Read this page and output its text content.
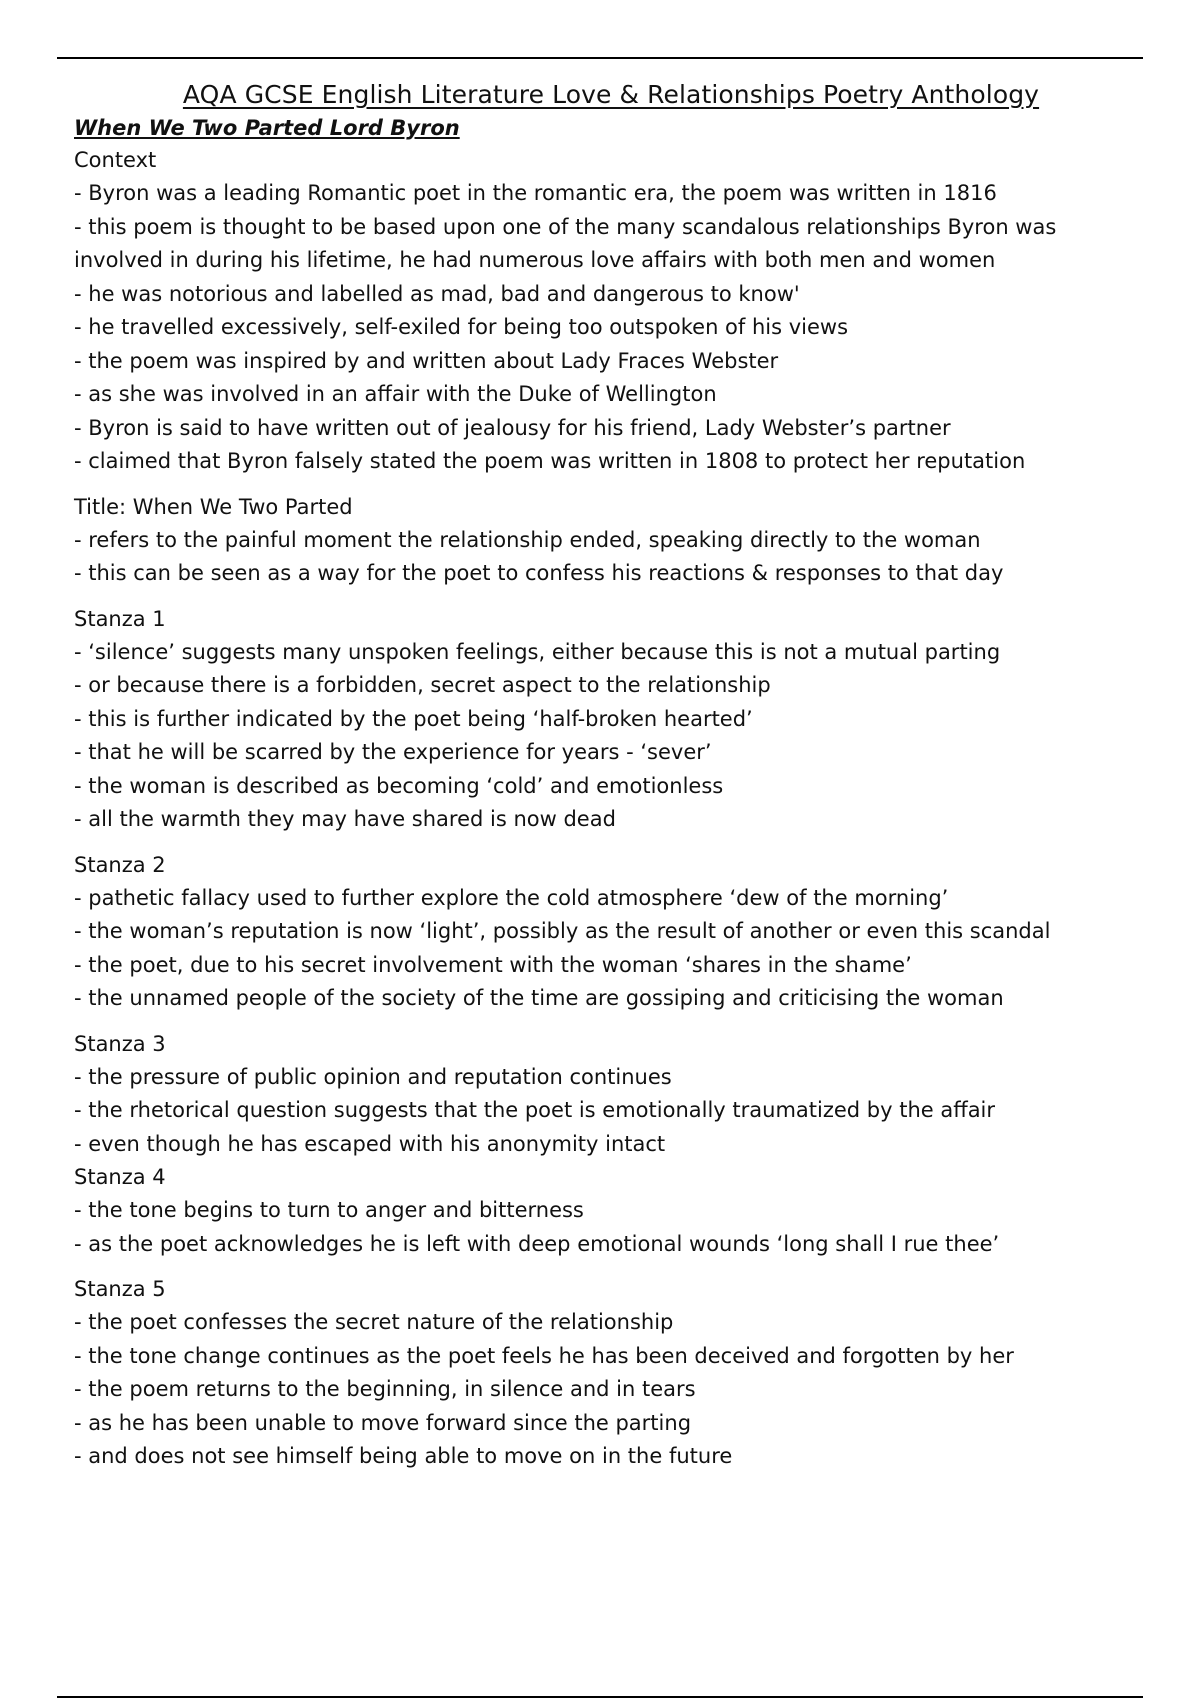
AQA GCSE English Literature Love & Relationships Poetry Anthology
When We Two Parted Lord Byron
Context
- Byron was a leading Romantic poet in the romantic era, the poem was written in 1816
- this poem is thought to be based upon one of the many scandalous relationships Byron was involved in during his lifetime, he had numerous love affairs with both men and women
- he was notorious and labelled as mad, bad and dangerous to know'
- he travelled excessively, self-exiled for being too outspoken of his views
- the poem was inspired by and written about Lady Fraces Webster
- as she was involved in an affair with the Duke of Wellington
- Byron is said to have written out of jealousy for his friend, Lady Webster’s partner
- claimed that Byron falsely stated the poem was written in 1808 to protect her reputation
Title: When We Two Parted
- refers to the painful moment the relationship ended, speaking directly to the woman
- this can be seen as a way for the poet to confess his reactions & responses to that day
Stanza 1
- ‘silence’ suggests many unspoken feelings, either because this is not a mutual parting
- or because there is a forbidden, secret aspect to the relationship
- this is further indicated by the poet being ‘half-broken hearted’
- that he will be scarred by the experience for years - ‘sever’
- the woman is described as becoming ‘cold’ and emotionless
- all the warmth they may have shared is now dead
Stanza 2
- pathetic fallacy used to further explore the cold atmosphere ‘dew of the morning’
- the woman’s reputation is now ‘light’, possibly as the result of another or even this scandal
- the poet, due to his secret involvement with the woman ‘shares in the shame’
- the unnamed people of the society of the time are gossiping and criticising the woman
Stanza 3
- the pressure of public opinion and reputation continues
- the rhetorical question suggests that the poet is emotionally traumatized by the affair
- even though he has escaped with his anonymity intact
Stanza 4
- the tone begins to turn to anger and bitterness
- as the poet acknowledges he is left with deep emotional wounds ‘long shall I rue thee’
Stanza 5
- the poet confesses the secret nature of the relationship
- the tone change continues as the poet feels he has been deceived and forgotten by her
- the poem returns to the beginning, in silence and in tears
- as he has been unable to move forward since the parting
- and does not see himself being able to move on in the future
